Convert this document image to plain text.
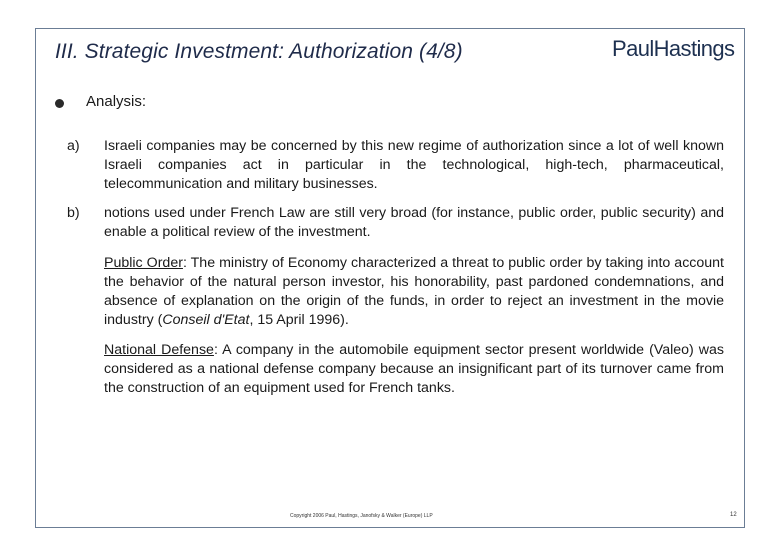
III. Strategic Investment: Authorization (4/8)	PaulHastings
Analysis:
a) Israeli companies may be concerned by this new regime of authorization since a lot of well known Israeli companies act in particular in the technological, high-tech, pharmaceutical, telecommunication and military businesses.

b) notions used under French Law are still very broad (for instance, public order, public security) and enable a political review of the investment.

Public Order: The ministry of Economy characterized a threat to public order by taking into account the behavior of the natural person investor, his honorability, past pardoned condemnations, and absence of explanation on the origin of the funds, in order to reject an investment in the movie industry (Conseil d'Etat, 15 April 1996).

National Defense: A company in the automobile equipment sector present worldwide (Valeo) was considered as a national defense company because an insignificant part of its turnover came from the construction of an equipment used for French tanks.

Copyright 2006 Paul, Hastings, Janofsky & Walker (Europe) LLP	12
